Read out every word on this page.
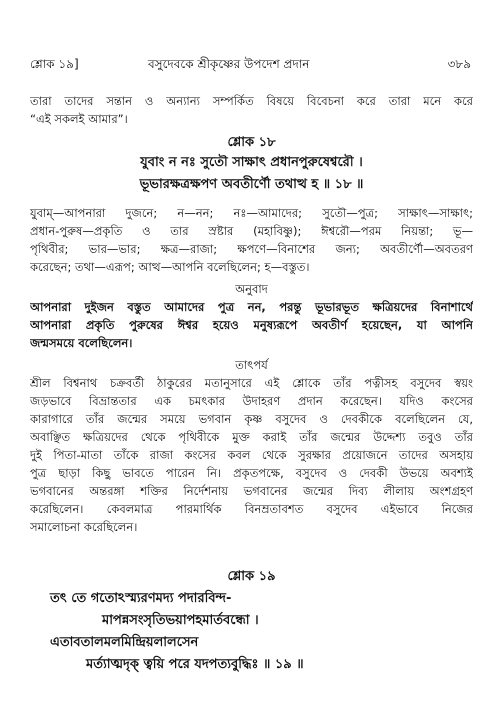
শ্লোক ১৯]	বসুদেবকে শ্রীকৃষ্ণের উপদেশ প্রদান	৩৮৯
তারা তাদের সন্তান ও অন্যান্য সম্পর্কিত বিষয়ে বিবেচনা করে তারা মনে করে
“এই সকলই আমার”।
শ্লোক ১৮
যুবাং ন নঃ সুতৌ সাক্ষাৎ প্রধানপুরুষেশ্বরৌ ।
ভূভারক্ষত্রক্ষপণ অবতীর্ণৌ তথাত্থ হ ॥ ১৮ ॥
যুবাম্—আপনারা দুজনে; ন—নন; নঃ—আমাদের; সুতৌ—পুত্র; সাক্ষাৎ—সাক্ষাৎ;
প্রধান-পুরুষ—প্রকৃতি ও তার স্রষ্টার (মহাবিষ্ণু); ঈশ্বরৌ—পরম নিয়ন্তা; ভূ—
পৃথিবীর; ভার—ভার; ক্ষত্র—রাজা; ক্ষপণে—বিনাশের জন্য; অবতীর্ণৌ—অবতরণ
করেছেন; তথা—এরূপ; আত্থ—আপনি বলেছিলেন; হ—বস্তুত।
অনুবাদ
আপনারা দুইজন বস্তুত আমাদের পুত্র নন, পরন্তু ভূভারভূত ক্ষত্রিয়দের বিনাশার্থে
আপনারা প্রকৃতি পুরুষের ঈশ্বর হয়েও মনুষ্যরূপে অবতীর্ণ হয়েছেন, যা আপনি
জন্মসময়ে বলেছিলেন।
তাৎপর্য
শ্রীল বিশ্বনাথ চক্রবর্তী ঠাকুরের মতানুসারে এই শ্লোকে তাঁর পত্নীসহ বসুদেব স্বয়ং
জড়ভাবে বিভ্রান্ততার এক চমৎকার উদাহরণ প্রদান করেছেন। যদিও কংসের
কারাগারে তাঁর জন্মের সময়ে ভগবান কৃষ্ণ বসুদেব ও দেবকীকে বলেছিলেন যে,
অবাঞ্ছিত ক্ষত্রিয়দের থেকে পৃথিবীকে মুক্ত করাই তাঁর জন্মের উদ্দেশ্য তবুও তাঁর
দুই পিতা-মাতা তাঁকে রাজা কংসের কবল থেকে সুরক্ষার প্রয়োজনে তাদের অসহায়
পুত্র ছাড়া কিছু ভাবতে পারেন নি। প্রকৃতপক্ষে, বসুদেব ও দেবকী উভয়ে অবশ্যই
ভগবানের অন্তরঙ্গা শক্তির নির্দেশনায় ভগবানের জন্মের দিব্য লীলায় অংশগ্রহণ
করেছিলেন। কেবলমাত্র পারমার্থিক বিনম্রতাবশত বসুদেব এইভাবে নিজের
সমালোচনা করেছিলেন।
শ্লোক ১৯
তৎ তে গতোঽস্ম্যরণমদ্য পদারবিন্দ-
মাপন্নসংসৃতিভয়াপহমার্তবন্ধো ।
এতাবতালমলমিন্দ্রিয়লালসেন
মর্ত্যাত্মদৃক্ ত্বয়ি পরে যদপত্যবুদ্ধিঃ ॥ ১৯ ॥
